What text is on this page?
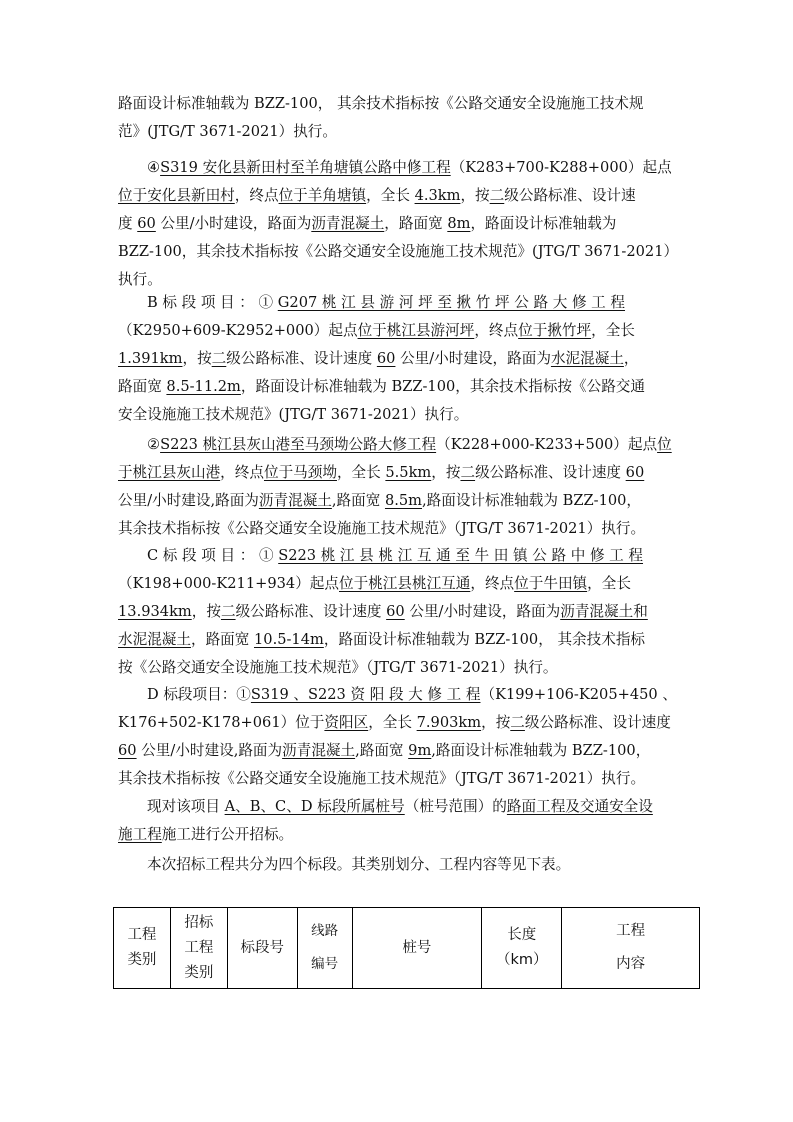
路面设计标准轴载为 BZZ-100， 其余技术指标按《公路交通安全设施施工技术规
范》(JTG/T 3671-2021）执行。
④S319 安化县新田村至羊角塘镇公路中修工程（K283+700-K288+000）起点
位于安化县新田村，终点位于羊角塘镇，全长 4.3km，按二级公路标准、设计速
度 60 公里/小时建设，路面为沥青混凝土，路面宽 8m，路面设计标准轴载为
BZZ-100，其余技术指标按《公路交通安全设施施工技术规范》(JTG/T 3671-2021）
执行。
B 标 段 项 目 ： ① G207 桃 江 县 游 河 坪 至 揪 竹 坪 公 路 大 修 工 程
（K2950+609-K2952+000）起点位于桃江县游河坪，终点位于揪竹坪，全长
1.391km，按二级公路标准、设计速度 60 公里/小时建设，路面为水泥混凝土，
路面宽 8.5-11.2m，路面设计标准轴载为 BZZ-100，其余技术指标按《公路交通
安全设施施工技术规范》(JTG/T 3671-2021）执行。
②S223 桃江县灰山港至马颈坳公路大修工程（K228+000-K233+500）起点位
于桃江县灰山港，终点位于马颈坳，全长 5.5km，按二级公路标准、设计速度 60
公里/小时建设,路面为沥青混凝土,路面宽 8.5m,路面设计标准轴载为 BZZ-100，
其余技术指标按《公路交通安全设施施工技术规范》（JTG/T 3671-2021）执行。
C 标 段 项 目 ： ① S223 桃 江 县 桃 江 互 通 至 牛 田 镇 公 路 中 修 工 程
（K198+000-K211+934）起点位于桃江县桃江互通，终点位于牛田镇，全长
13.934km，按二级公路标准、设计速度 60 公里/小时建设，路面为沥青混凝土和
水泥混凝土，路面宽 10.5-14m，路面设计标准轴载为 BZZ-100， 其余技术指标
按《公路交通安全设施施工技术规范》（JTG/T 3671-2021）执行。
D 标段项目：①S319 、S223 资 阳 段 大 修 工 程（K199+106-K205+450 、
K176+502-K178+061）位于资阳区，全长 7.903km，按二级公路标准、设计速度
60 公里/小时建设,路面为沥青混凝土,路面宽 9m,路面设计标准轴载为 BZZ-100，
其余技术指标按《公路交通安全设施施工技术规范》（JTG/T 3671-2021）执行。
现对该项目 A、B、C、D 标段所属桩号（桩号范围）的路面工程及交通安全设
施工程施工进行公开招标。
本次招标工程共分为四个标段。其类别划分、工程内容等见下表。
工程
类别

招标
工程
类别

标段号

线路
编号

桩号

长度
（km）

工程
内容
